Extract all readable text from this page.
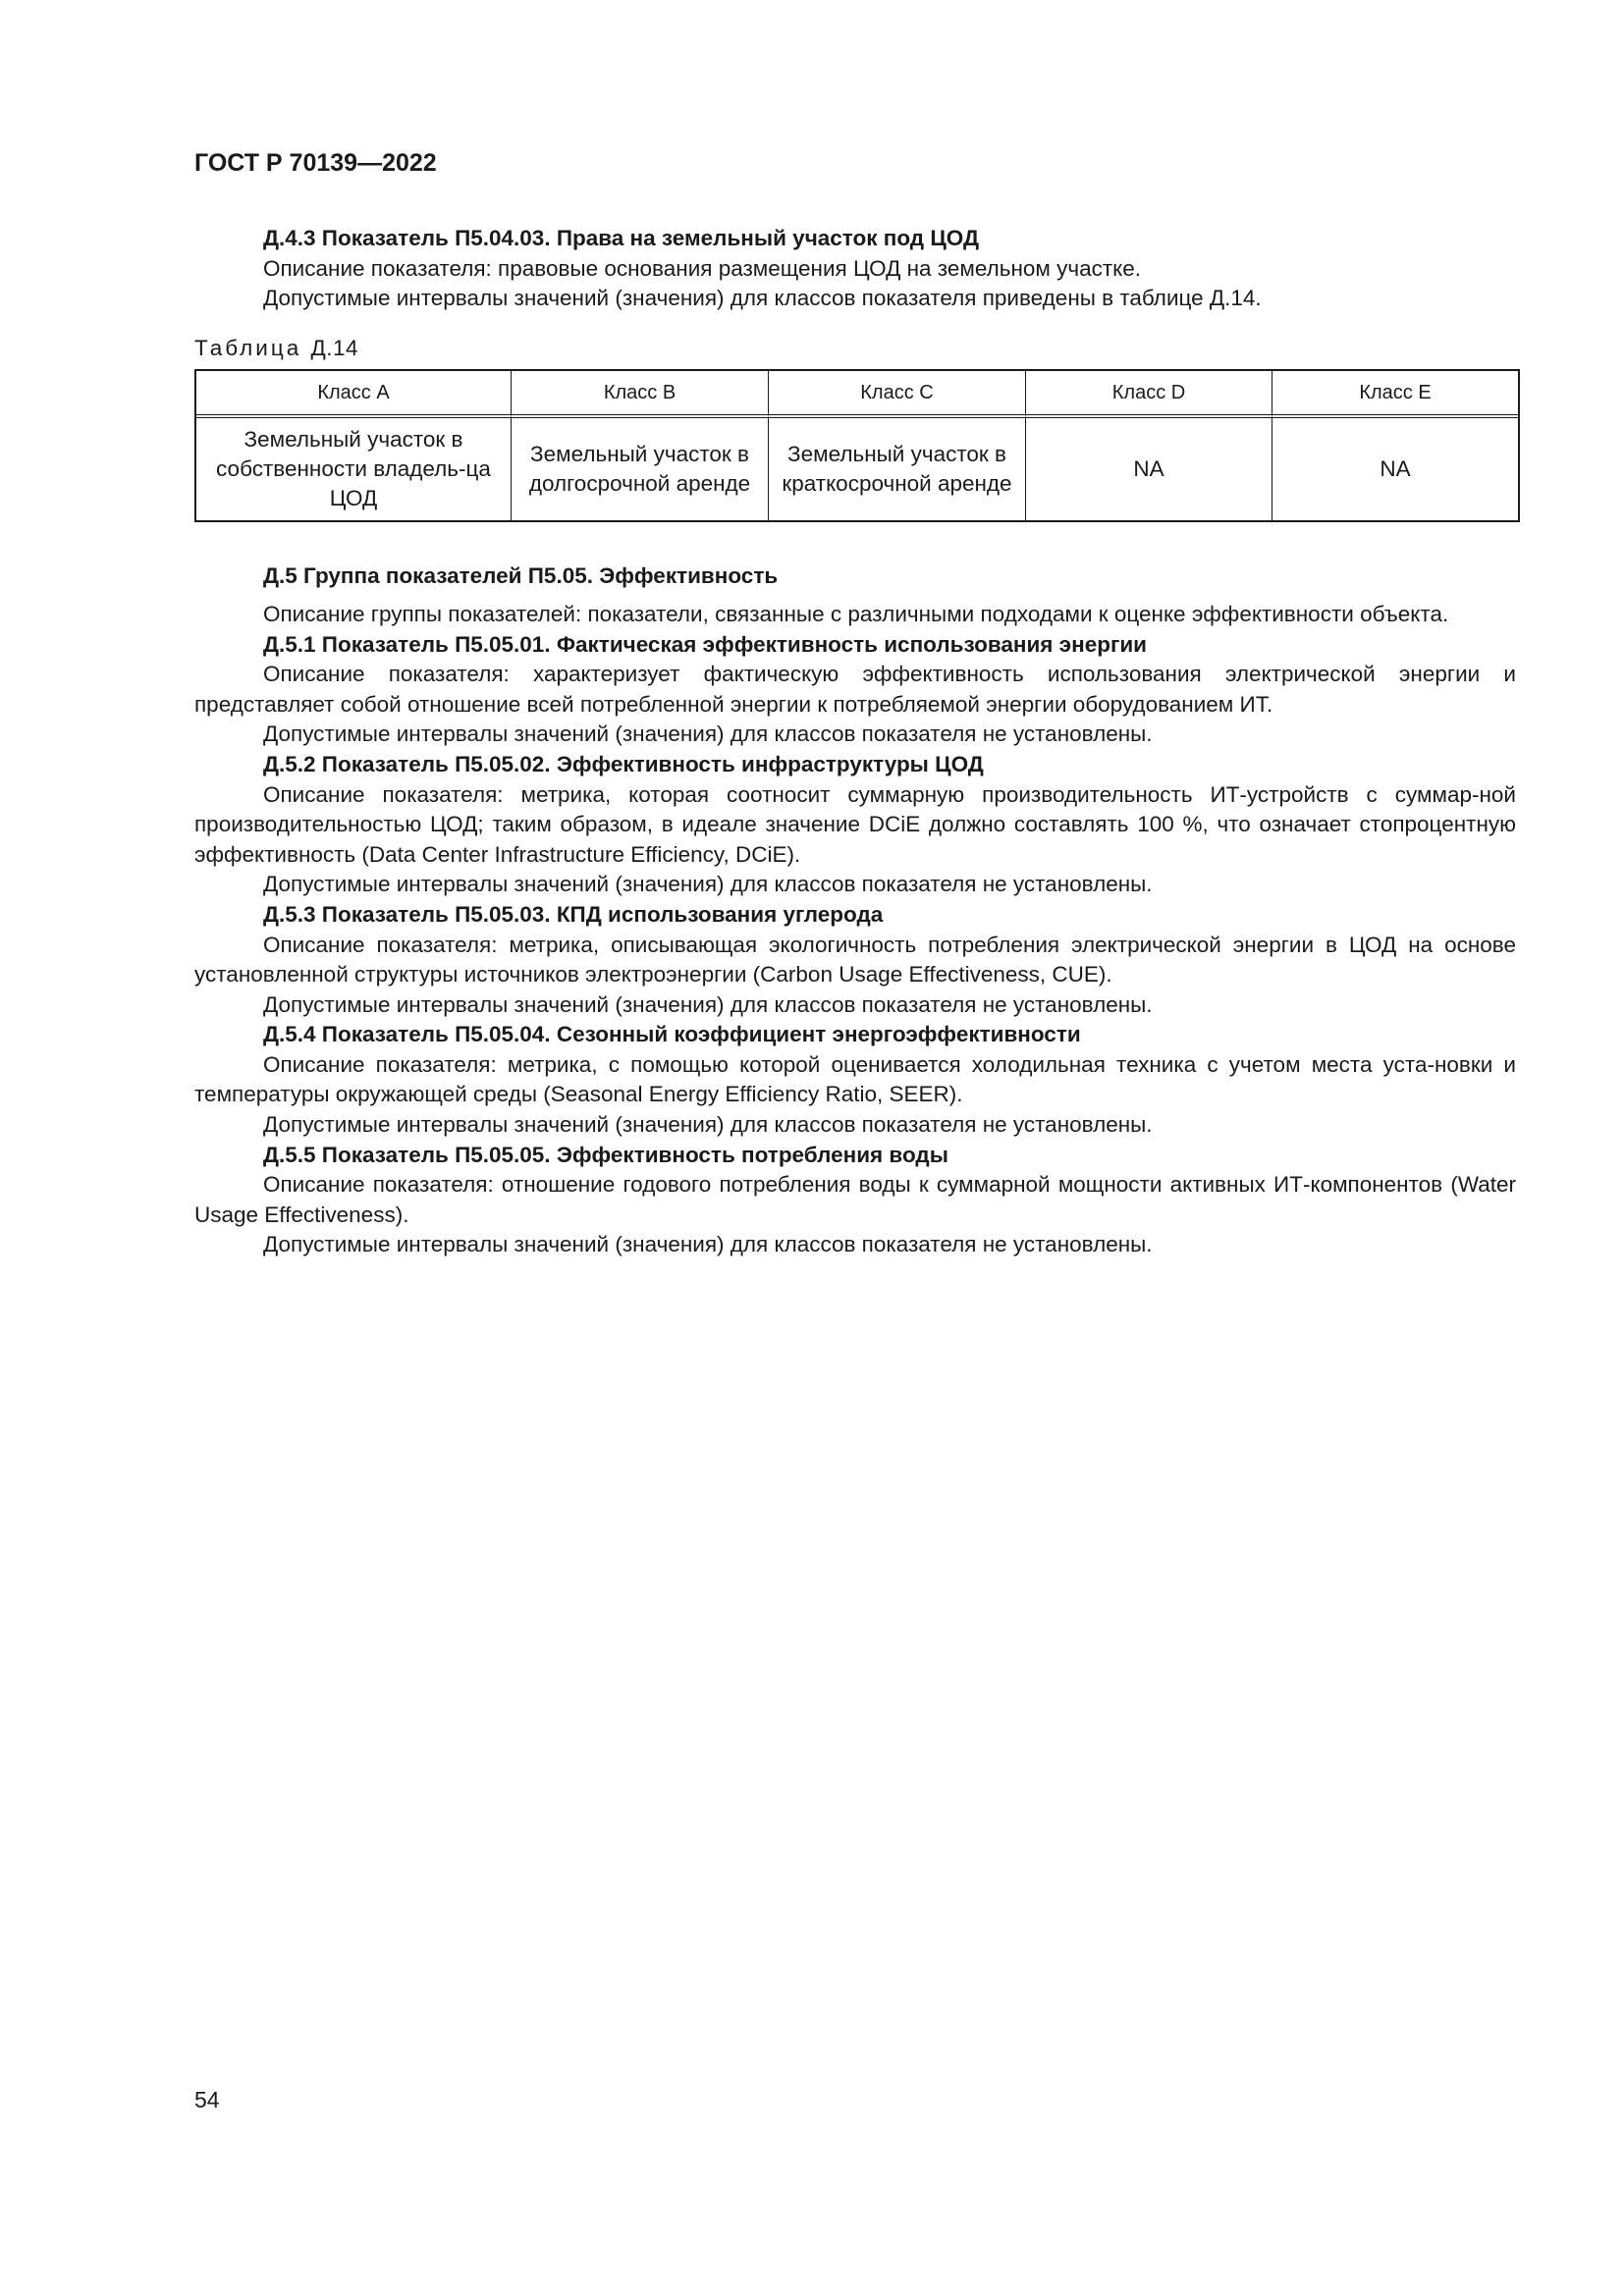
ГОСТ Р 70139—2022

Д.4.3 Показатель П5.04.03. Права на земельный участок под ЦОД

Описание показателя: правовые основания размещения ЦОД на земельном участке.

Допустимые интервалы значений (значения) для классов показателя приведены в таблице Д.14.

Таблица Д.14

Класс A	Класс B	Класс C	Класс D	Класс E
Земельный участок в собственности владель-ца ЦОД	Земельный участок в долгосрочной аренде	Земельный участок в краткосрочной аренде	NA	NA

Д.5 Группа показателей П5.05. Эффективность

Описание группы показателей: показатели, связанные с различными подходами к оценке эффективности объекта.

Д.5.1 Показатель П5.05.01. Фактическая эффективность использования энергии

Описание показателя: характеризует фактическую эффективность использования электрической энергии и представляет собой отношение всей потребленной энергии к потребляемой энергии оборудованием ИТ.

Допустимые интервалы значений (значения) для классов показателя не установлены.

Д.5.2 Показатель П5.05.02. Эффективность инфраструктуры ЦОД

Описание показателя: метрика, которая соотносит суммарную производительность ИТ-устройств с суммар-ной производительностью ЦОД; таким образом, в идеале значение DCiE должно составлять 100 %, что означает стопроцентную эффективность (Data Center Infrastructure Efficiency, DCiE).

Допустимые интервалы значений (значения) для классов показателя не установлены.

Д.5.3 Показатель П5.05.03. КПД использования углерода

Описание показателя: метрика, описывающая экологичность потребления электрической энергии в ЦОД на основе установленной структуры источников электроэнергии (Carbon Usage Effectiveness, CUE).

Допустимые интервалы значений (значения) для классов показателя не установлены.

Д.5.4 Показатель П5.05.04. Сезонный коэффициент энергоэффективности

Описание показателя: метрика, с помощью которой оценивается холодильная техника с учетом места уста-новки и температуры окружающей среды (Seasonal Energy Efficiency Ratio, SEER).

Допустимые интервалы значений (значения) для классов показателя не установлены.

Д.5.5 Показатель П5.05.05. Эффективность потребления воды

Описание показателя: отношение годового потребления воды к суммарной мощности активных ИТ-компонентов (Water Usage Effectiveness).

Допустимые интервалы значений (значения) для классов показателя не установлены.

54
